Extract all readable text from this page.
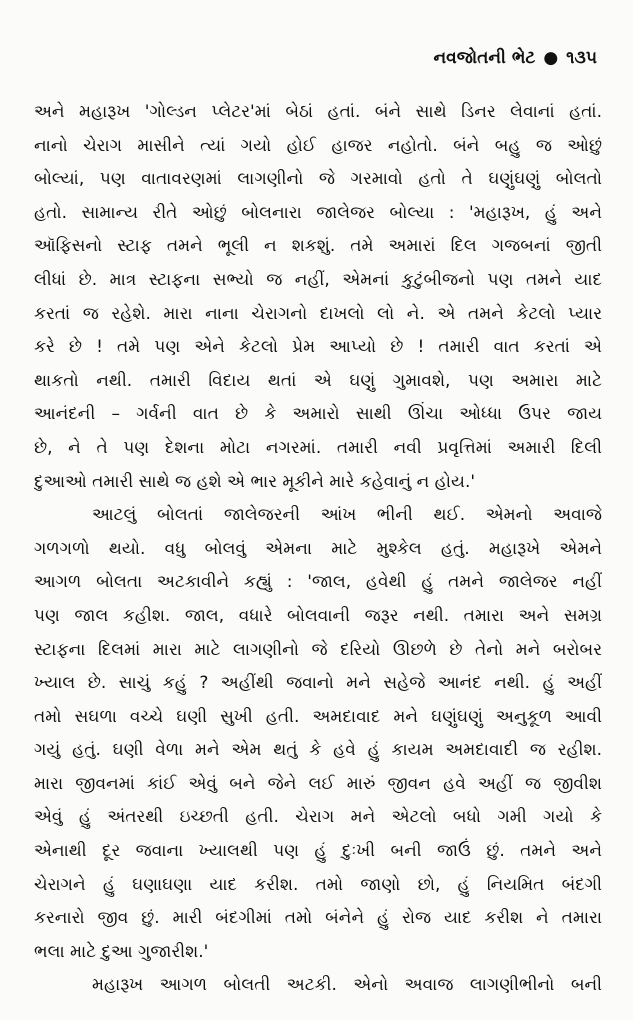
નવજોતની ભેટ ● ૧૩૫
અને મહારૂખ 'ગોલ્ડન પ્લેટર'માં બેઠાં હતાં. બંને સાથે ડિનર લેવાનાં હતાં.
નાનો ચેરાગ માસીને ત્યાં ગયો હોઈ હાજર નહોતો. બંને બહુ જ ઓછું
બોલ્યાં, પણ વાતાવરણમાં લાગણીનો જે ગરમાવો હતો તે ઘણુંઘણું બોલતો
હતો. સામાન્ય રીતે ઓછું બોલનારા જાલેજર બોલ્યા : 'મહારૂખ, હું અને
ઑફિસનો સ્ટાફ તમને ભૂલી ન શકશું. તમે અમારાં દિલ ગજબનાં જીતી
લીધાં છે. માત્ર સ્ટાફના સભ્યો જ નહીં, એમનાં કુટુંબીજનો પણ તમને યાદ
કરતાં જ રહેશે. મારા નાના ચેરાગનો દાખલો લો ને. એ તમને કેટલો પ્યાર
કરે છે ! તમે પણ એને કેટલો પ્રેમ આપ્યો છે ! તમારી વાત કરતાં એ
થાકતો નથી. તમારી વિદાય થતાં એ ઘણું ગુમાવશે, પણ અમારા માટે
આનંદની – ગર્વની વાત છે કે અમારો સાથી ઊંચા ઓધ્ધા ઉપર જાય
છે, ને તે પણ દેશના મોટા નગરમાં. તમારી નવી પ્રવૃત્તિમાં અમારી દિલી
દુઆઓ તમારી સાથે જ હશે એ ભાર મૂકીને મારે કહેવાનું ન હોય.'
આટલું બોલતાં જાલેજરની આંખ ભીની થઈ. એમનો અવાજે
ગળગળો થયો. વધુ બોલવું એમના માટે મુશ્કેલ હતું. મહારૂખે એમને
આગળ બોલતા અટકાવીને કહ્યું : 'જાલ, હવેથી હું તમને જાલેજર નહીં
પણ જાલ કહીશ. જાલ, વધારે બોલવાની જરૂર નથી. તમારા અને સમગ્ર
સ્ટાફના દિલમાં મારા માટે લાગણીનો જે દરિયો ઊછળે છે તેનો મને બરોબર
ખ્યાલ છે. સાચું કહું ? અહીંથી જવાનો મને સહેજે આનંદ નથી. હું અહીં
તમો સઘળા વચ્ચે ઘણી સુખી હતી. અમદાવાદ મને ઘણુંઘણું અનુકૂળ આવી
ગયું હતું. ઘણી વેળા મને એમ થતું કે હવે હું કાયમ અમદાવાદી જ રહીશ.
મારા જીવનમાં કાંઈ એવું બને જેને લઈ મારું જીવન હવે અહીં જ જીવીશ
એવું હું અંતરથી ઇચ્છતી હતી. ચેરાગ મને એટલો બધો ગમી ગયો કે
એનાથી દૂર જવાના ખ્યાલથી પણ હું દુઃખી બની જાઉં છું. તમને અને
ચેરાગને હું ઘણાઘણા યાદ કરીશ. તમો જાણો છો, હું નિયમિત બંદગી
કરનારો જીવ છું. મારી બંદગીમાં તમો બંનેને હું રોજ યાદ કરીશ ને તમારા
ભલા માટે દુઆ ગુજારીશ.'
મહારૂખ આગળ બોલતી અટકી. એનો અવાજ લાગણીભીનો બની
